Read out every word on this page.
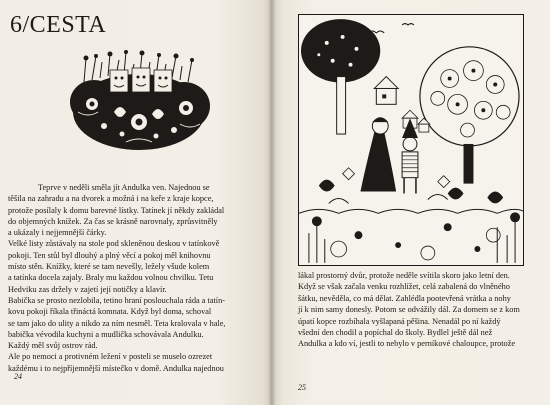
6/CESTA
Teprve v neděli směla jít Andulka ven. Najednou se
těšila na zahradu a na dvorek a možná i na keře z kraje kopce,
protože posílaly k domu barevné lístky. Tatínek jí někdy zakládal
do objemných knížek. Za čas se krásně narovnaly, zprůsvitněly
a ukázaly i nejjemnější čárky.
Velké listy zůstávaly na stole pod skleněnou deskou v tatínkově
pokoji. Ten stůl byl dlouhý a plný věcí a pokoj měl knihovnu
místo stěn. Knížky, které se tam nevešly, ležely všude kolem
a tatínka docela zajaly. Braly mu každou volnou chvilku. Tetu
Hedviku zas držely v zajetí její notičky a klavír.
Babička se prosto nezlobila, tetino hraní poslouchala ráda a tatín-
kovu pokoji říkala třináctá komnata. Když byl doma, schoval
se tam jako do ulity a nikdo za ním nesměl. Teta kralovala v hale,
babička vévodila kuchyni a mudlička schovávala Andulku.
Každý měl svůj ostrov rád.
Ale po nemoci a protivném ležení v posteli se muselo ozrezet
každému i to nejpříjemnější místečko v domě. Andulka najednou
24
lákal prostorný dvůr, protože neděle svítila skoro jako letní den.
Když se však začala venku rozhlížet, celá zabalená do vlněného
šátku, nevěděla, co má dělat. Zahlédla pootevřená vrátka a nohy
jí k nim samy donesly. Potom se odvážily dál. Za domem se z kom
úpatí kopce rozbíhala vyšlapaná pěšina. Nenadál po ní každý
všední den chodil a popíchal do školy. Bydlel ještě dál než
Andulka a kdo ví, jestli to nebylo v perníkové chaloupce, protože
25
